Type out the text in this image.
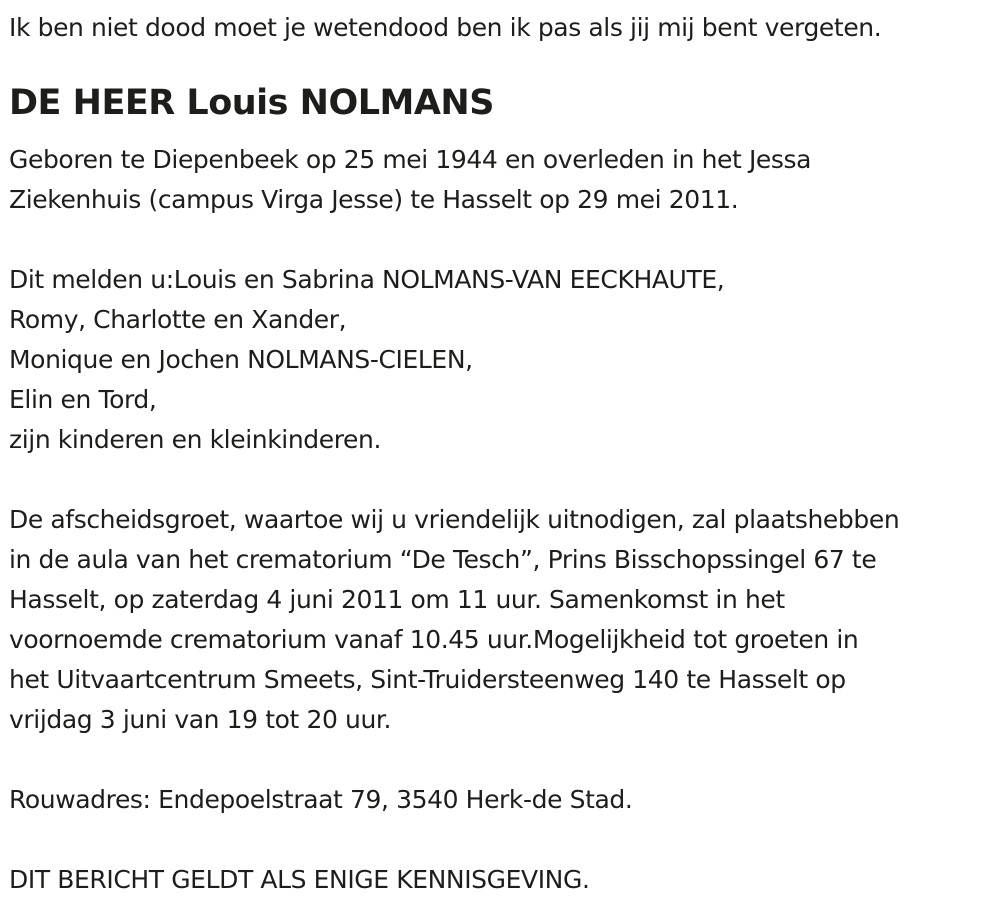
Ik ben niet dood moet je wetendood ben ik pas als jij mij bent vergeten.

DE HEER Louis NOLMANS
Geboren te Diepenbeek op 25 mei 1944 en overleden in het Jessa
Ziekenhuis (campus Virga Jesse) te Hasselt op 29 mei 2011.
Dit melden u:Louis en Sabrina NOLMANS-VAN EECKHAUTE,
Romy, Charlotte en Xander,
Monique en Jochen NOLMANS-CIELEN,
Elin en Tord,
zijn kinderen en kleinkinderen.
De afscheidsgroet, waartoe wij u vriendelijk uitnodigen, zal plaatshebben
in de aula van het crematorium “De Tesch”, Prins Bisschopssingel 67 te
Hasselt, op zaterdag 4 juni 2011 om 11 uur. Samenkomst in het
voornoemde crematorium vanaf 10.45 uur.Mogelijkheid tot groeten in
het Uitvaartcentrum Smeets, Sint-Truidersteenweg 140 te Hasselt op
vrijdag 3 juni van 19 tot 20 uur.
Rouwadres: Endepoelstraat 79, 3540 Herk-de Stad.
DIT BERICHT GELDT ALS ENIGE KENNISGEVING.
